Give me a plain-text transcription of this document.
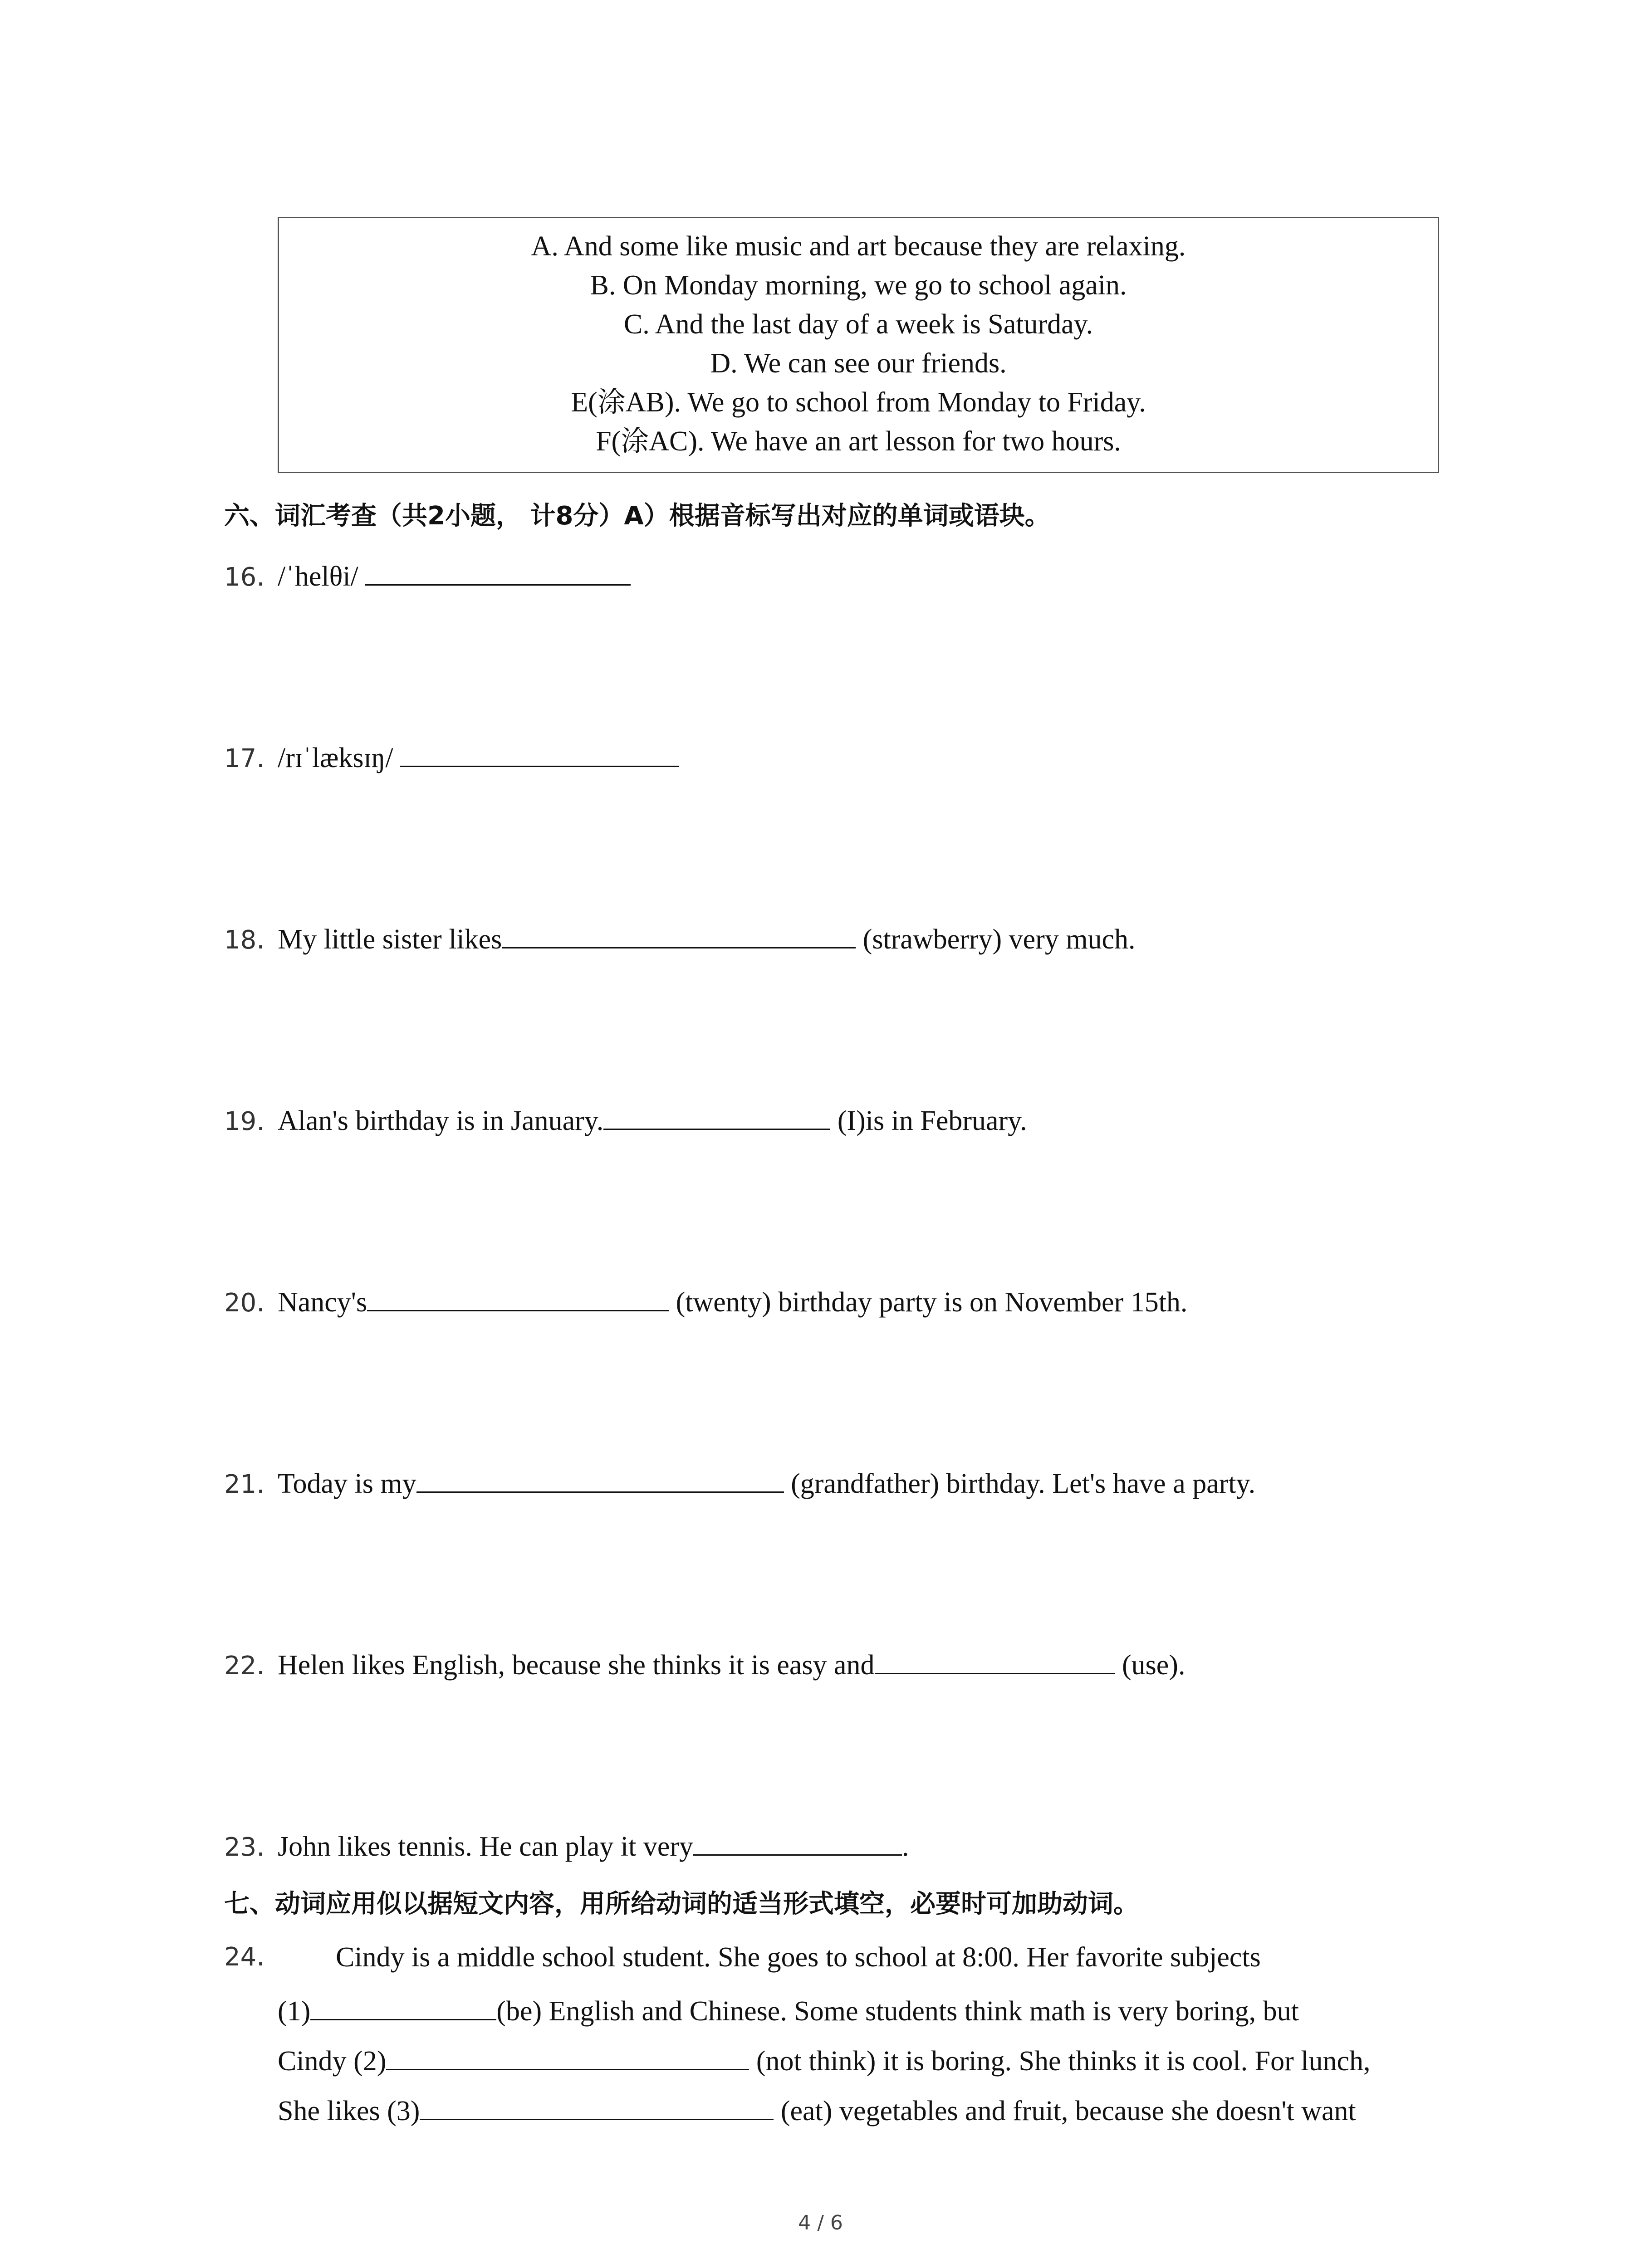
A. And some like music and art because they are relaxing.
B. On Monday morning, we go to school again.
C. And the last day of a week is Saturday.
D. We can see our friends.
E(涂AB). We go to school from Monday to Friday.
F(涂AC). We have an art lesson for two hours.
六、词汇考查（共2小题， 计8分）A）根据音标写出对应的单词或语块。
16. /ˈhelθi/
17. /rɪˈlæksɪŋ/
18. My little sister likes	(strawberry) very much.
19. Alan's birthday is in January.	(I)is in February.
20. Nancy's	(twenty) birthday party is on November 15th.
21. Today is my	(grandfather) birthday. Let's have a party.
22. Helen likes English, because she thinks it is easy and	(use).
23. John likes tennis. He can play it very	.
七、动词应用似以据短文内容，用所给动词的适当形式填空，必要时可加助动词。
24.	Cindy is a middle school student. She goes to school at 8:00. Her favorite subjects
(1)	(be) English and Chinese. Some students think math is very boring, but
Cindy (2)	(not think) it is boring. She thinks it is cool. For lunch,
She likes (3)	(eat) vegetables and fruit, because she doesn't want
4 / 6
